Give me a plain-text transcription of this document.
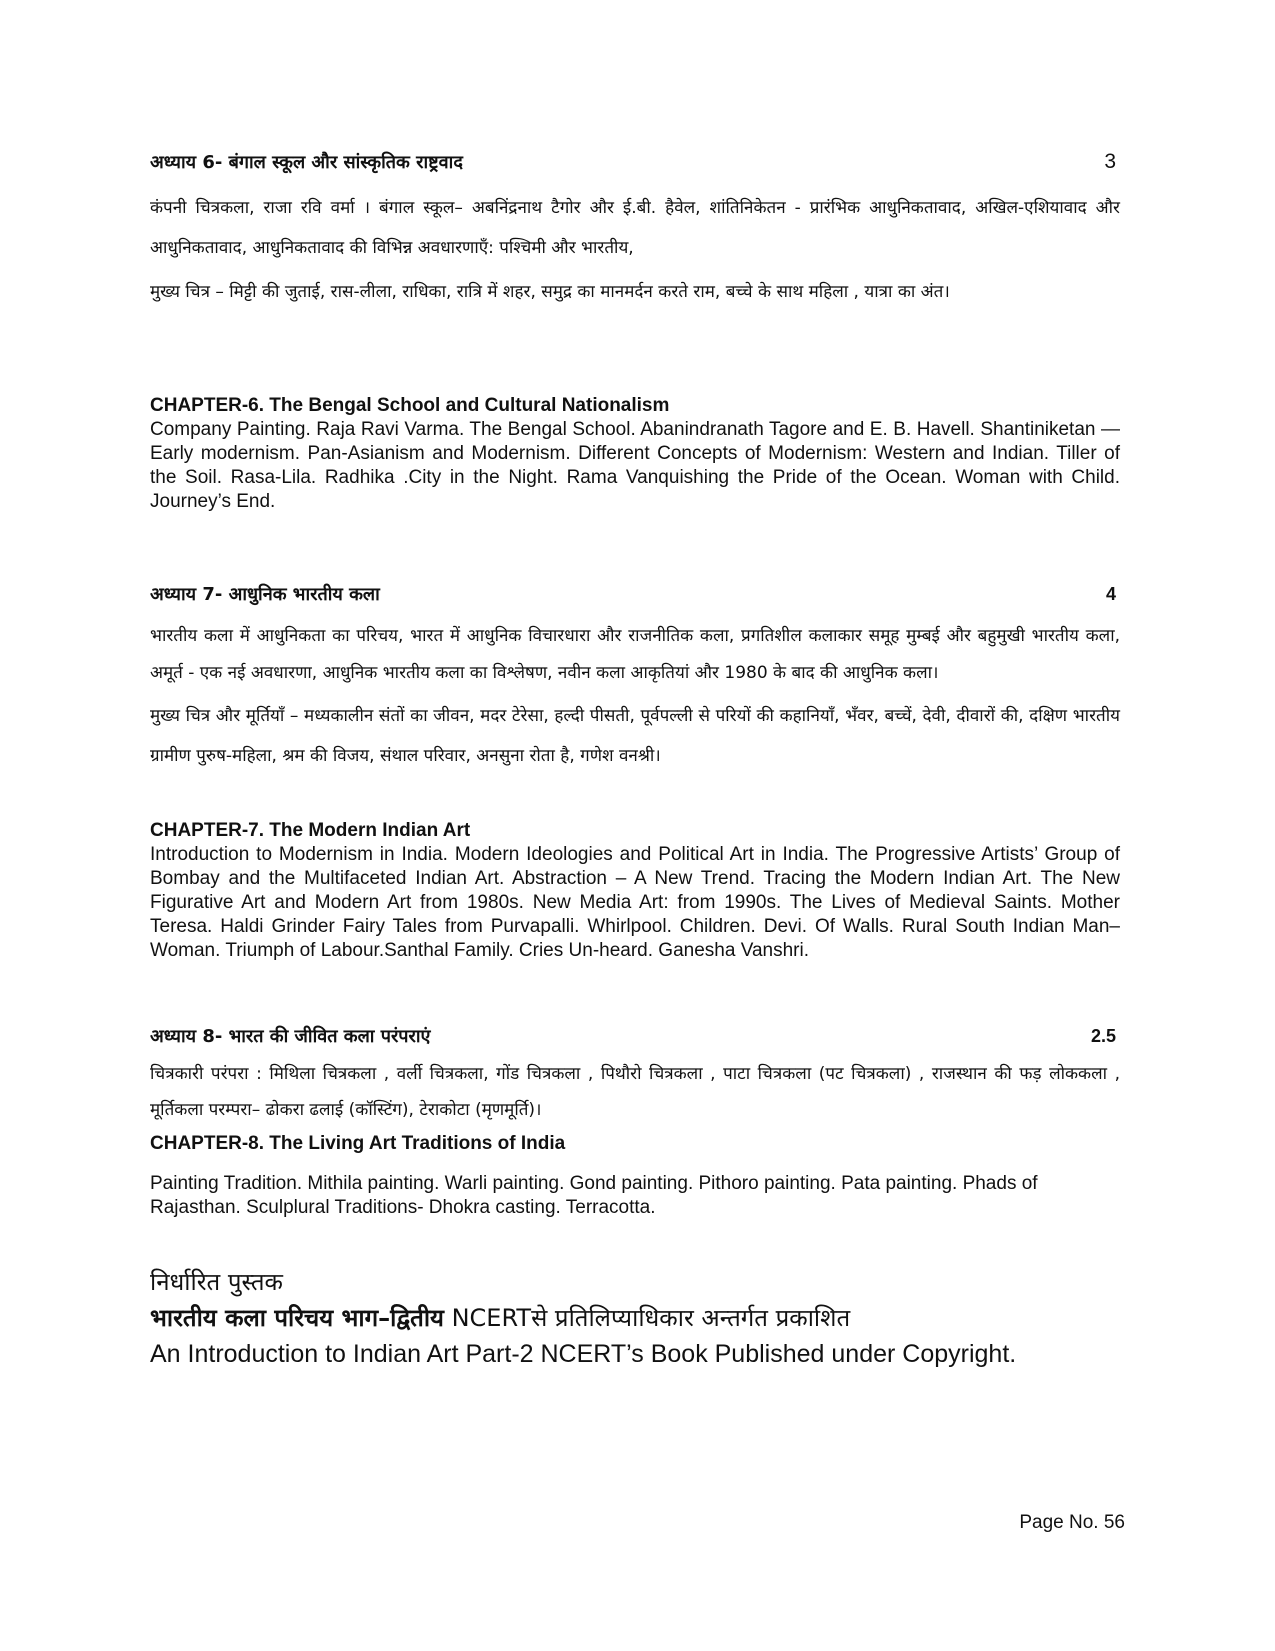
अध्याय 6- बंगाल स्कूल और सांस्कृतिक राष्ट्रवाद	3

कंपनी चित्रकला, राजा रवि वर्मा । बंगाल स्कूल– अबनिंद्रनाथ टैगोर और ई.बी. हैवेल, शांतिनिकेतन - प्रारंभिक आधुनिकतावाद, अखिल-एशियावाद और आधुनिकतावाद, आधुनिकतावाद की विभिन्न अवधारणाएँ: पश्चिमी और भारतीय,

मुख्य चित्र – मिट्टी की जुताई, रास-लीला, राधिका, रात्रि में शहर, समुद्र का मानमर्दन करते राम, बच्चे के साथ महिला , यात्रा का अंत।

CHAPTER-6. The Bengal School and Cultural Nationalism

Company Painting. Raja Ravi Varma. The Bengal School. Abanindranath Tagore and E. B. Havell. Shantiniketan — Early modernism. Pan-Asianism and Modernism. Different Concepts of Modernism: Western and Indian. Tiller of the Soil. Rasa-Lila. Radhika .City in the Night. Rama Vanquishing the Pride of the Ocean. Woman with Child. Journey’s End.

अध्याय 7- आधुनिक भारतीय कला	4

भारतीय कला में आधुनिकता का परिचय, भारत में आधुनिक विचारधारा और राजनीतिक कला, प्रगतिशील कलाकार समूह मुम्बई और बहुमुखी भारतीय कला, अमूर्त - एक नई अवधारणा, आधुनिक भारतीय कला का विश्लेषण, नवीन कला आकृतियां और 1980 के बाद की आधुनिक कला।

मुख्य चित्र और मूर्तियाँ – मध्यकालीन संतों का जीवन, मदर टेरेसा, हल्दी पीसती, पूर्वपल्ली से परियों की कहानियाँ, भँवर, बच्चें, देवी, दीवारों की, दक्षिण भारतीय ग्रामीण पुरुष-महिला, श्रम की विजय, संथाल परिवार, अनसुना रोता है, गणेश वनश्री।

CHAPTER-7. The Modern Indian Art

Introduction to Modernism in India. Modern Ideologies and Political Art in India. The Progressive Artists’ Group of Bombay and the Multifaceted Indian Art. Abstraction – A New Trend. Tracing the Modern Indian Art. The New Figurative Art and Modern Art from 1980s. New Media Art: from 1990s. The Lives of Medieval Saints. Mother Teresa. Haldi Grinder Fairy Tales from Purvapalli. Whirlpool. Children. Devi. Of Walls. Rural South Indian Man–Woman. Triumph of Labour.Santhal Family. Cries Un-heard. Ganesha Vanshri.

अध्याय 8- भारत की जीवित कला परंपराएं	2.5

चित्रकारी परंपरा : मिथिला चित्रकला , वर्ली चित्रकला, गोंड चित्रकला , पिथौरो चित्रकला , पाटा चित्रकला (पट चित्रकला) , राजस्थान की फड़ लोककला , मूर्तिकला परम्परा– ढोकरा ढलाई (कॉस्टिंग), टेराकोटा (मृणमूर्ति)।

CHAPTER-8. The Living Art Traditions of India

Painting Tradition. Mithila painting. Warli painting. Gond painting. Pithoro painting. Pata painting. Phads of Rajasthan. Sculplural Traditions- Dhokra casting. Terracotta.

निर्धारित पुस्तक

भारतीय कला परिचय भाग–द्वितीय NCERTसे प्रतिलिप्याधिकार अन्तर्गत प्रकाशित

An Introduction to Indian Art Part-2 NCERT’s Book Published under Copyright.

Page No. 56
